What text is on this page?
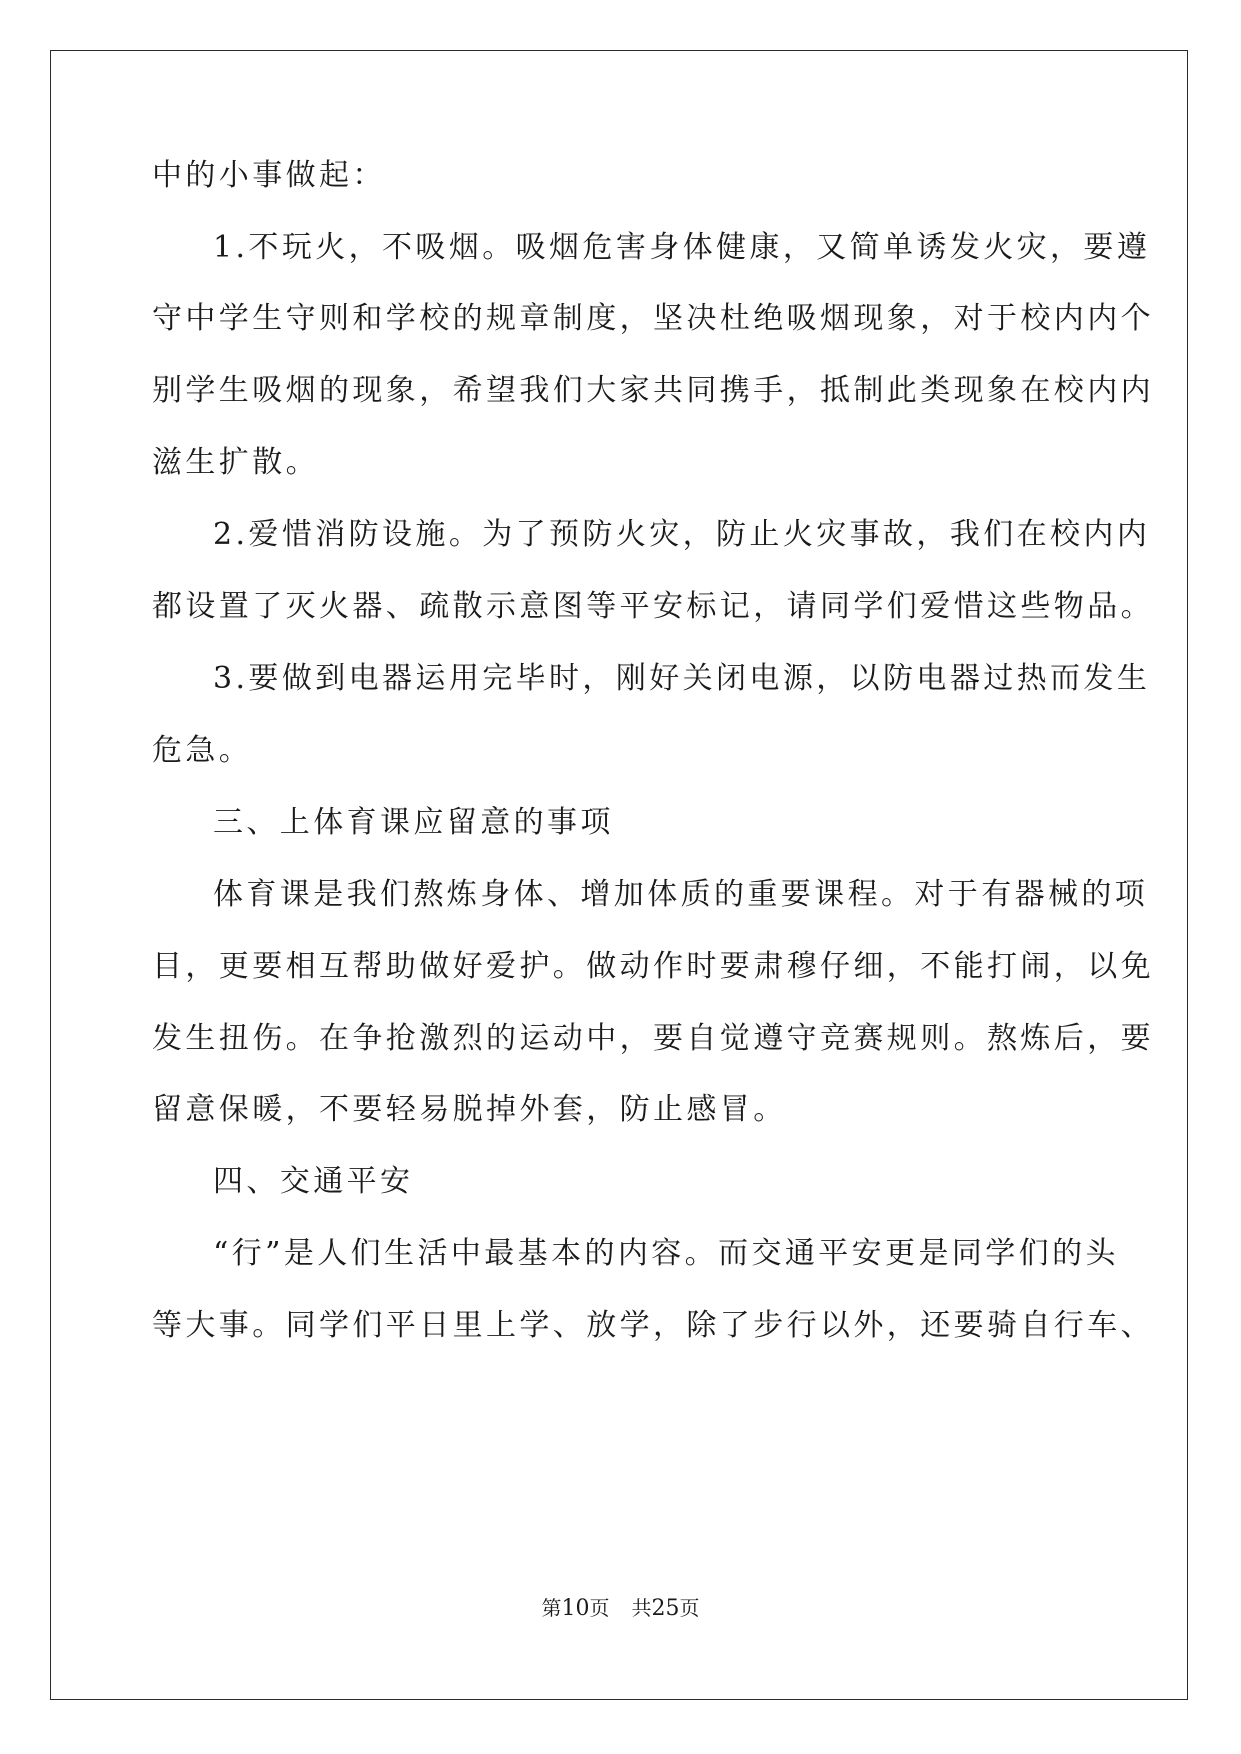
中的小事做起：
1.不玩火，不吸烟。吸烟危害身体健康，又简单诱发火灾，要遵
守中学生守则和学校的规章制度，坚决杜绝吸烟现象，对于校内内个
别学生吸烟的现象，希望我们大家共同携手，抵制此类现象在校内内
滋生扩散。
2.爱惜消防设施。为了预防火灾，防止火灾事故，我们在校内内
都设置了灭火器、疏散示意图等平安标记，请同学们爱惜这些物品。
3.要做到电器运用完毕时，刚好关闭电源，以防电器过热而发生
危急。
三、上体育课应留意的事项
体育课是我们熬炼身体、增加体质的重要课程。对于有器械的项
目，更要相互帮助做好爱护。做动作时要肃穆仔细，不能打闹，以免
发生扭伤。在争抢激烈的运动中，要自觉遵守竞赛规则。熬炼后，要
留意保暖，不要轻易脱掉外套，防止感冒。
四、交通平安
“行”是人们生活中最基本的内容。而交通平安更是同学们的头
等大事。同学们平日里上学、放学，除了步行以外，还要骑自行车、
第10页 共25页
